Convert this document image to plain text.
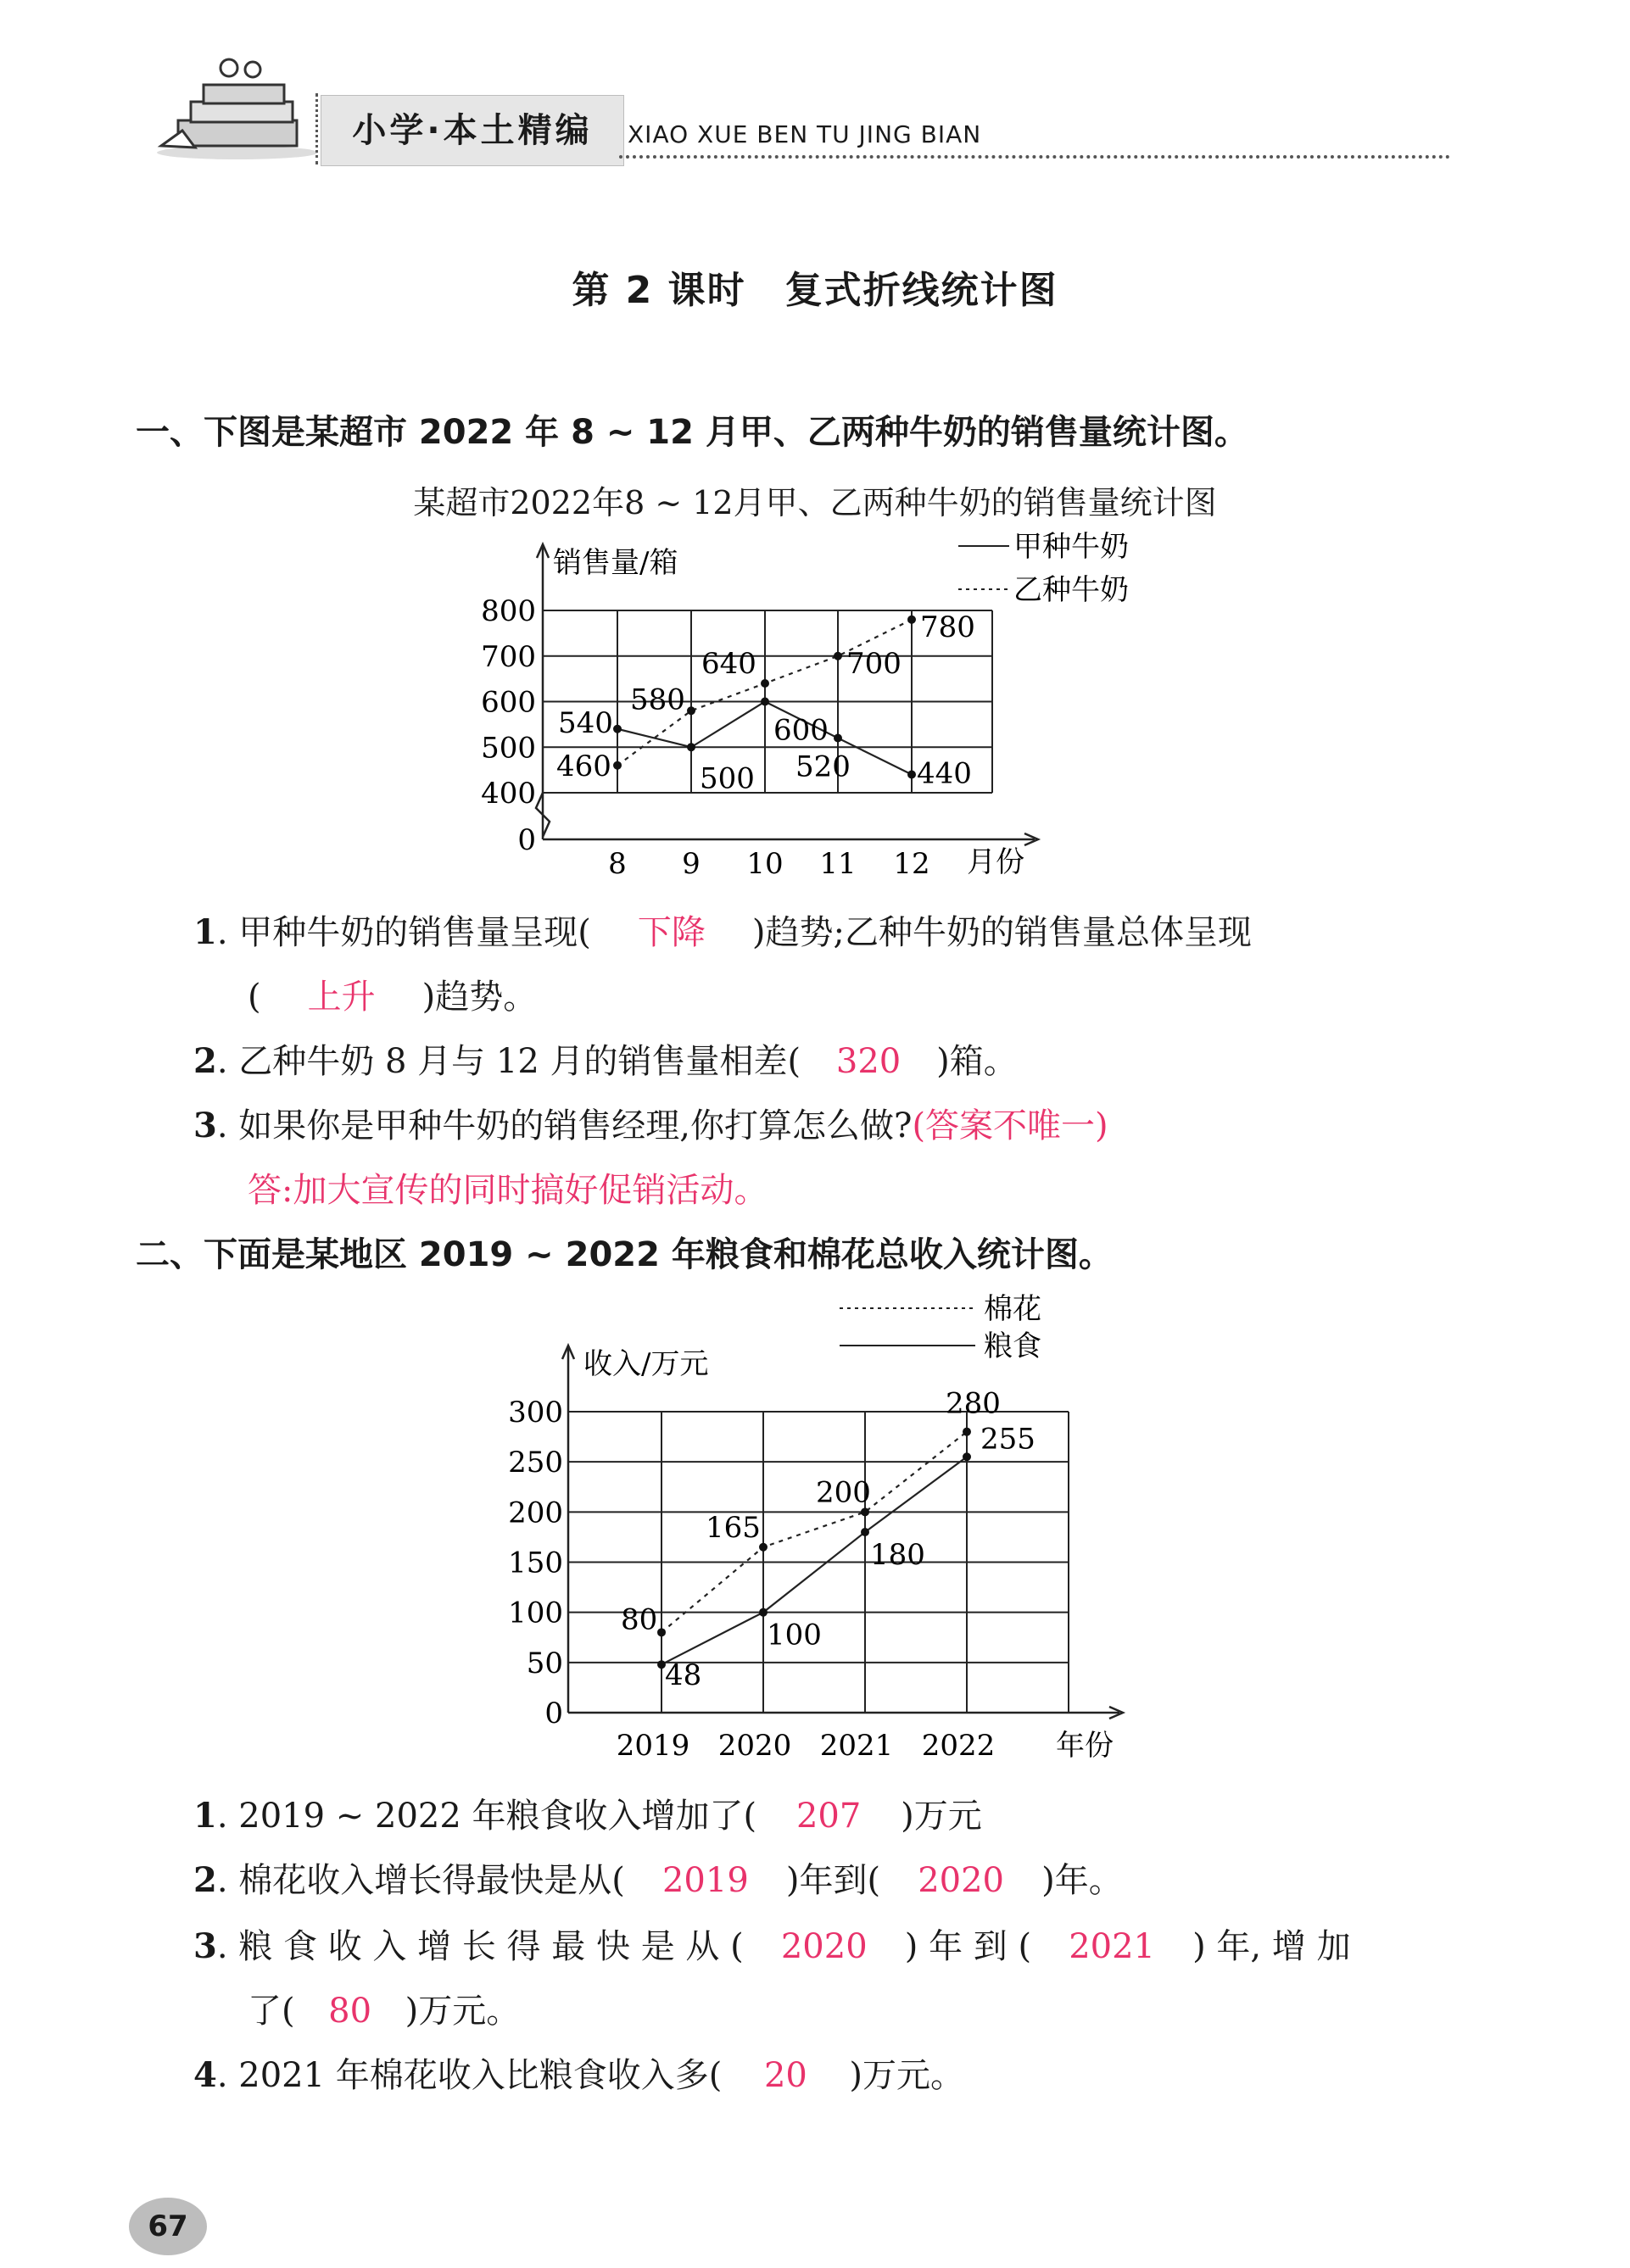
小学·本土精编	XIAO XUE BEN TU JING BIAN
第 2 课时　复式折线统计图
一、下图是某超市 2022 年 8 ~ 12 月甲、乙两种牛奶的销售量统计图。
某超市2022年8 ~ 12月甲、乙两种牛奶的销售量统计图
400
500
600
700
800
0
销售量/箱
月份
8 9 10 11 12
甲种牛奶
乙种牛奶
540
500
600
520 440
460
580
640	700
780
1. 甲种牛奶的销售量呈现( 下降 )趋势;乙种牛奶的销售量总体呈现
( 上升 )趋势。
2. 乙种牛奶 8 月与 12 月的销售量相差( 320 )箱。
3. 如果你是甲种牛奶的销售经理,你打算怎么做?(答案不唯一)
答:加大宣传的同时搞好促销活动。
二、下面是某地区 2019 ~ 2022 年粮食和棉花总收入统计图。
0
50
100
150
200
250
300
收入/万元
年份
2019 2020 2021 2022
棉花
粮食
80
165
200
280
48
100
180
255
1. 2019 ~ 2022 年粮食收入增加了( 207 )万元
2. 棉花收入增长得最快是从( 2019 )年到( 2020 )年。
3. 粮 食 收 入 增 长 得 最 快 是 从 ( 2020 ) 年 到 ( 2021 ) 年, 增 加
了( 80 )万元。
4. 2021 年棉花收入比粮食收入多( 20 )万元。
67
